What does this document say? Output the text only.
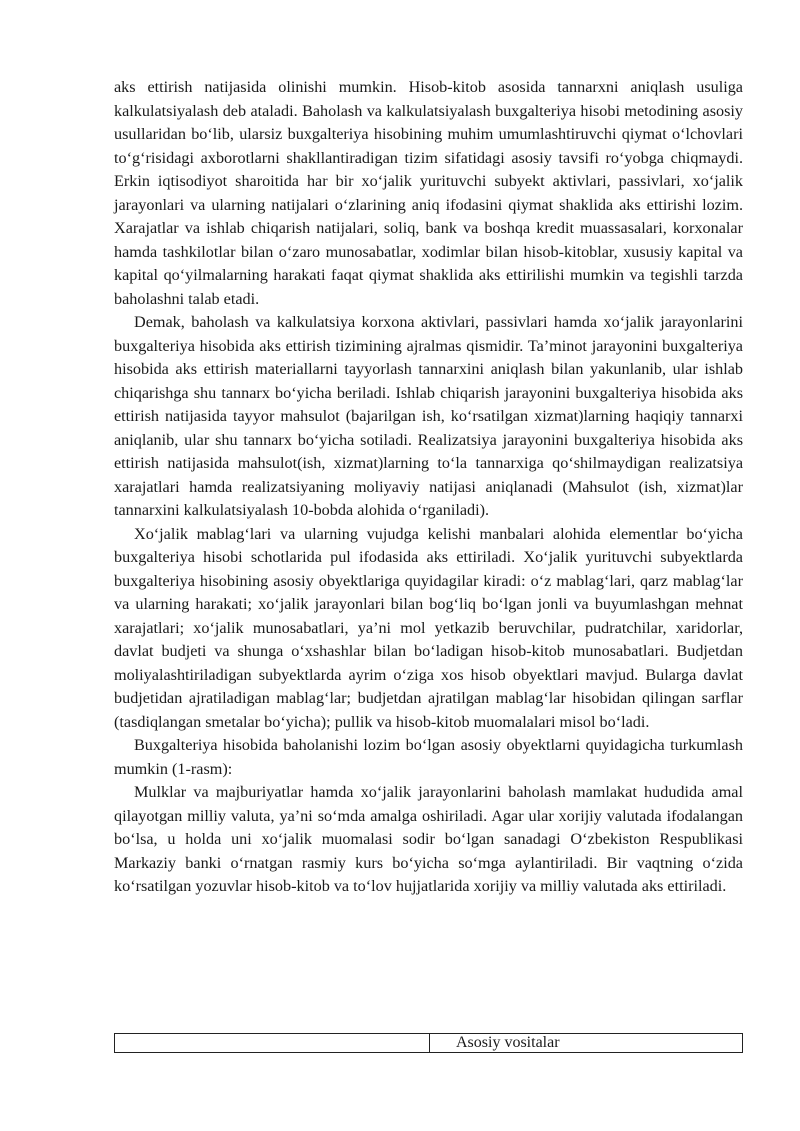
aks ettirish natijasida olinishi mumkin. Hisob-kitob asosida tannarxni aniqlash usuliga kalkulatsiyalash deb ataladi. Baholash va kalkulatsiyalash buxgalteriya hisobi metodining asosiy usullaridan bo‘lib, ularsiz buxgalteriya hisobining muhim umumlashtiruvchi qiymat o‘lchovlari to‘g‘risidagi axborotlarni shakllantiradigan tizim sifatidagi asosiy tavsifi ro‘yobga chiqmaydi. Erkin iqtisodiyot sharoitida har bir xo‘jalik yurituvchi subyekt aktivlari, passivlari, xo‘jalik jarayonlari va ularning natijalari o‘zlarining aniq ifodasini qiymat shaklida aks ettirishi lozim. Xarajatlar va ishlab chiqarish natijalari, soliq, bank va boshqa kredit muassasalari, korxonalar hamda tashkilotlar bilan o‘zaro munosabatlar, xodimlar bilan hisob-kitoblar, xususiy kapital va kapital qo‘yilmalarning harakati faqat qiymat shaklida aks ettirilishi mumkin va tegishli tarzda baholashni talab etadi.

Demak, baholash va kalkulatsiya korxona aktivlari, passivlari hamda xo‘jalik jarayonlarini buxgalteriya hisobida aks ettirish tizimining ajralmas qismidir. Ta’minot jarayonini buxgalteriya hisobida aks ettirish materiallarni tayyorlash tannarxini aniqlash bilan yakunlanib, ular ishlab chiqarishga shu tannarx bo‘yicha beriladi. Ishlab chiqarish jarayonini buxgalteriya hisobida aks ettirish natijasida tayyor mahsulot (bajarilgan ish, ko‘rsatilgan xizmat)larning haqiqiy tannarxi aniqlanib, ular shu tannarx bo‘yicha sotiladi. Realizatsiya jarayonini buxgalteriya hisobida aks ettirish natijasida mahsulot(ish, xizmat)larning to‘la tannarxiga qo‘shilmaydigan realizatsiya xarajatlari hamda realizatsiyaning moliyaviy natijasi aniqlanadi (Mahsulot (ish, xizmat)lar tannarxini kalkulatsiyalash 10-bobda alohida o‘rganiladi).

Xo‘jalik mablag‘lari va ularning vujudga kelishi manbalari alohida elementlar bo‘yicha buxgalteriya hisobi schotlarida pul ifodasida aks ettiriladi. Xo‘jalik yurituvchi subyektlarda buxgalteriya hisobining asosiy obyektlariga quyidagilar kiradi: o‘z mablag‘lari, qarz mablag‘lar va ularning harakati; xo‘jalik jarayonlari bilan bog‘liq bo‘lgan jonli va buyumlashgan mehnat xarajatlari; xo‘jalik munosabatlari, ya’ni mol yetkazib beruvchilar, pudratchilar, xaridorlar, davlat budjeti va shunga o‘xshashlar bilan bo‘ladigan hisob-kitob munosabatlari. Budjetdan moliyalashtiriladigan subyektlarda ayrim o‘ziga xos hisob obyektlari mavjud. Bularga davlat budjetidan ajratiladigan mablag‘lar; budjetdan ajratilgan mablag‘lar hisobidan qilingan sarflar (tasdiqlangan smetalar bo‘yicha); pullik va hisob-kitob muomalalari misol bo‘ladi.

Buxgalteriya hisobida baholanishi lozim bo‘lgan asosiy obyektlarni quyidagicha turkumlash mumkin (1-rasm):

Mulklar va majburiyatlar hamda xo‘jalik jarayonlarini baholash mamlakat hududida amal qilayotgan milliy valuta, ya’ni so‘mda amalga oshiriladi. Agar ular xorijiy valutada ifodalangan bo‘lsa, u holda uni xo‘jalik muomalasi sodir bo‘lgan sanadagi O‘zbekiston Respublikasi Markaziy banki o‘rnatgan rasmiy kurs bo‘yicha so‘mga aylantiriladi. Bir vaqtning o‘zida ko‘rsatilgan yozuvlar hisob-kitob va to‘lov hujjatlarida xorijiy va milliy valutada aks ettiriladi.

Asosiy vositalar
